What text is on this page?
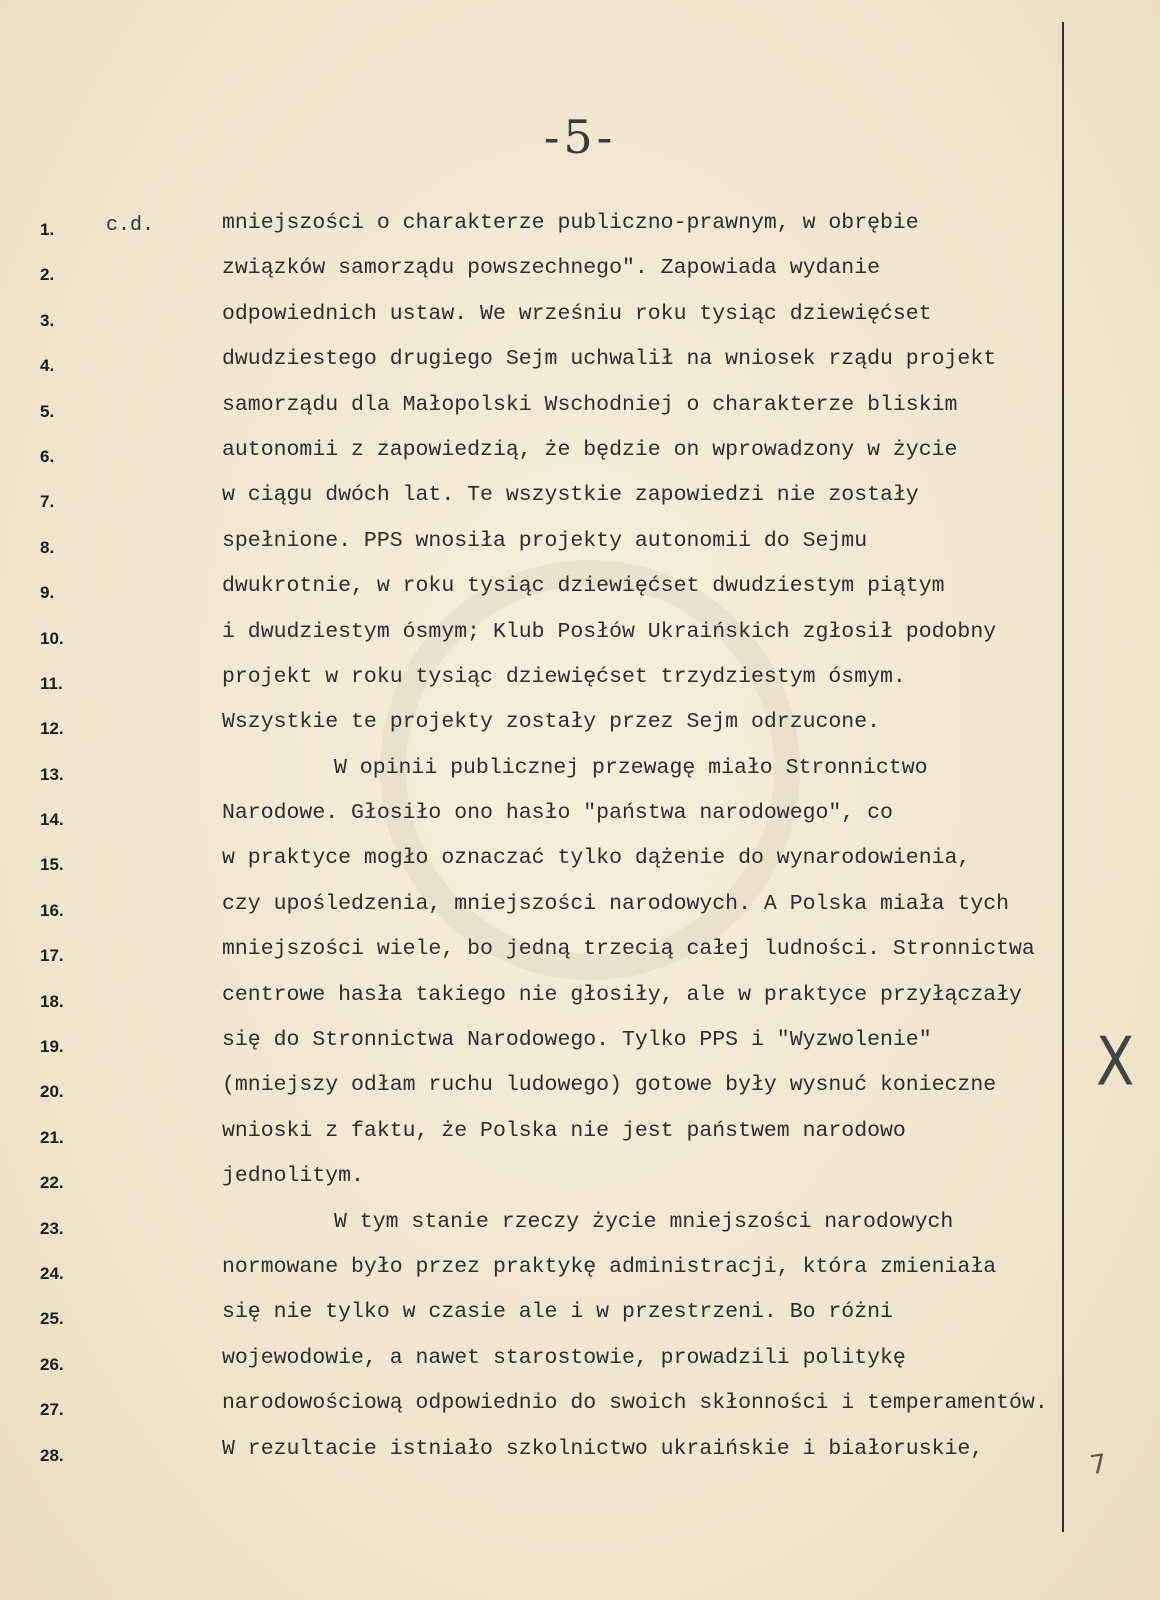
-5-
1.	c.d.	mniejszości o charakterze publiczno-prawnym, w obrębie
2.	związków samorządu powszechnego". Zapowiada wydanie
3.	odpowiednich ustaw. We wrześniu roku tysiąc dziewięćset
4.	dwudziestego drugiego Sejm uchwalił na wniosek rządu projekt
5.	samorządu dla Małopolski Wschodniej o charakterze bliskim
6.	autonomii z zapowiedzią, że będzie on wprowadzony w życie
7.	w ciągu dwóch lat. Te wszystkie zapowiedzi nie zostały
8.	spełnione. PPS wnosiła projekty autonomii do Sejmu
9.	dwukrotnie, w roku tysiąc dziewięćset dwudziestym piątym
10.	i dwudziestym ósmym; Klub Posłów Ukraińskich zgłosił podobny
11.	projekt w roku tysiąc dziewięćset trzydziestym ósmym.
12.	Wszystkie te projekty zostały przez Sejm odrzucone.
13.	W opinii publicznej przewagę miało Stronnictwo
14.	Narodowe. Głosiło ono hasło "państwa narodowego", co
15.	w praktyce mogło oznaczać tylko dążenie do wynarodowienia,
16.	czy upośledzenia, mniejszości narodowych. A Polska miała tych
17.	mniejszości wiele, bo jedną trzecią całej ludności. Stronnictwa
18.	centrowe hasła takiego nie głosiły, ale w praktyce przyłączały
19.	się do Stronnictwa Narodowego. Tylko PPS i "Wyzwolenie"
20.	(mniejszy odłam ruchu ludowego) gotowe były wysnuć konieczne
21.	wnioski z faktu, że Polska nie jest państwem narodowo
22.	jednolitym.
23.	W tym stanie rzeczy życie mniejszości narodowych
24.	normowane było przez praktykę administracji, która zmieniała
25.	się nie tylko w czasie ale i w przestrzeni. Bo różni
26.	wojewodowie, a nawet starostowie, prowadzili politykę
27.	narodowościową odpowiednio do swoich skłonności i temperamentów.
28.	W rezultacie istniało szkolnictwo ukraińskie i białoruskie,
X
7
